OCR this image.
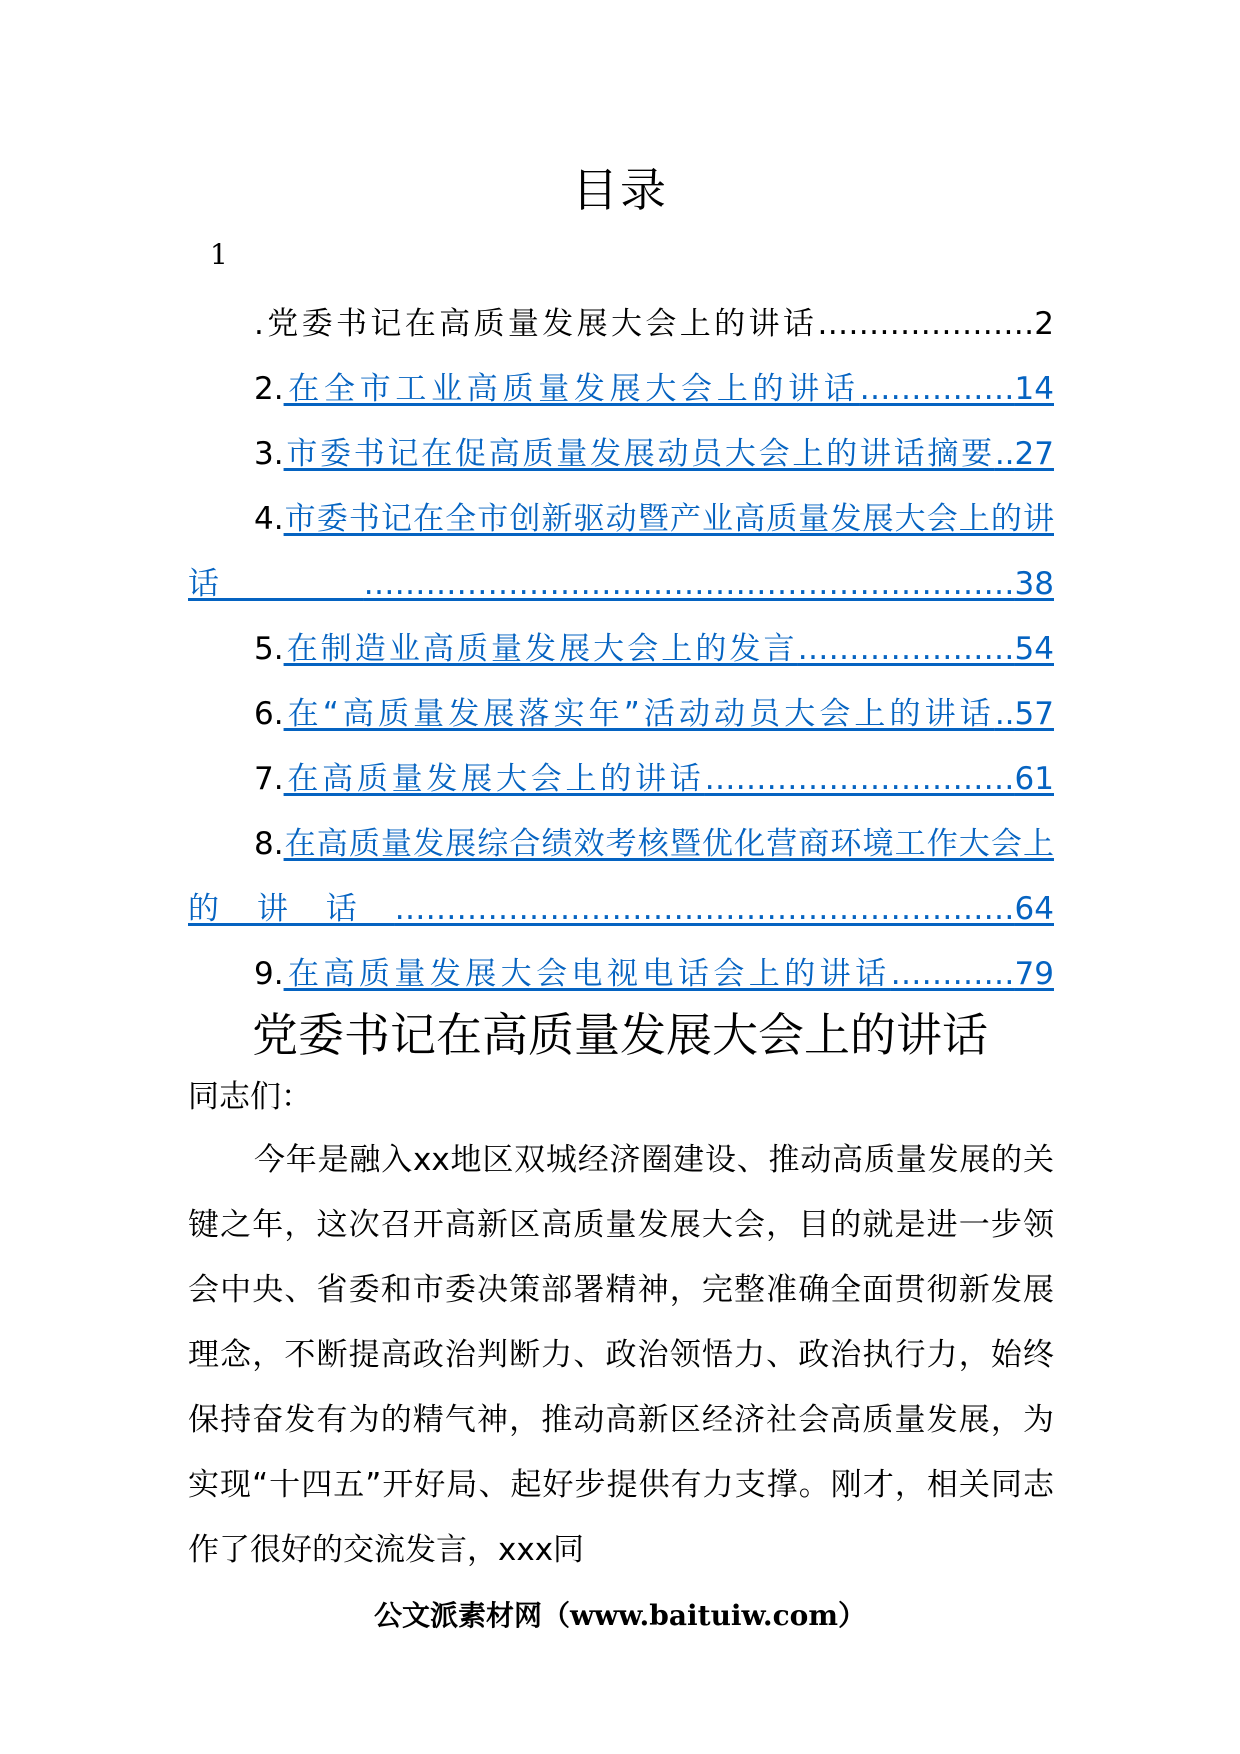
目录
1
.党委书记在高质量发展大会上的讲话…………………2
2.在全市工业高质量发展大会上的讲话……………14
3.市委书记在促高质量发展动员大会上的讲话摘要..27
4.市委书记在全市创新驱动暨产业高质量发展大会上的讲话………………………………………………………38
5.在制造业高质量发展大会上的发言…………………54
6.在“高质量发展落实年”活动动员大会上的讲话..57
7.在高质量发展大会上的讲话…………………………61
8.在高质量发展综合绩效考核暨优化营商环境工作大会上的讲话……………………………………………………64
9.在高质量发展大会电视电话会上的讲话…………79
党委书记在高质量发展大会上的讲话
同志们：

今年是融入xx地区双城经济圈建设、推动高质量发展的关键之年，这次召开高新区高质量发展大会，目的就是进一步领会中央、省委和市委决策部署精神，完整准确全面贯彻新发展理念，不断提高政治判断力、政治领悟力、政治执行力，始终保持奋发有为的精气神，推动高新区经济社会高质量发展，为实现“十四五”开好局、起好步提供有力支撑。刚才，相关同志作了很好的交流发言，xxx同

公文派素材网（www.baituiw.com）
